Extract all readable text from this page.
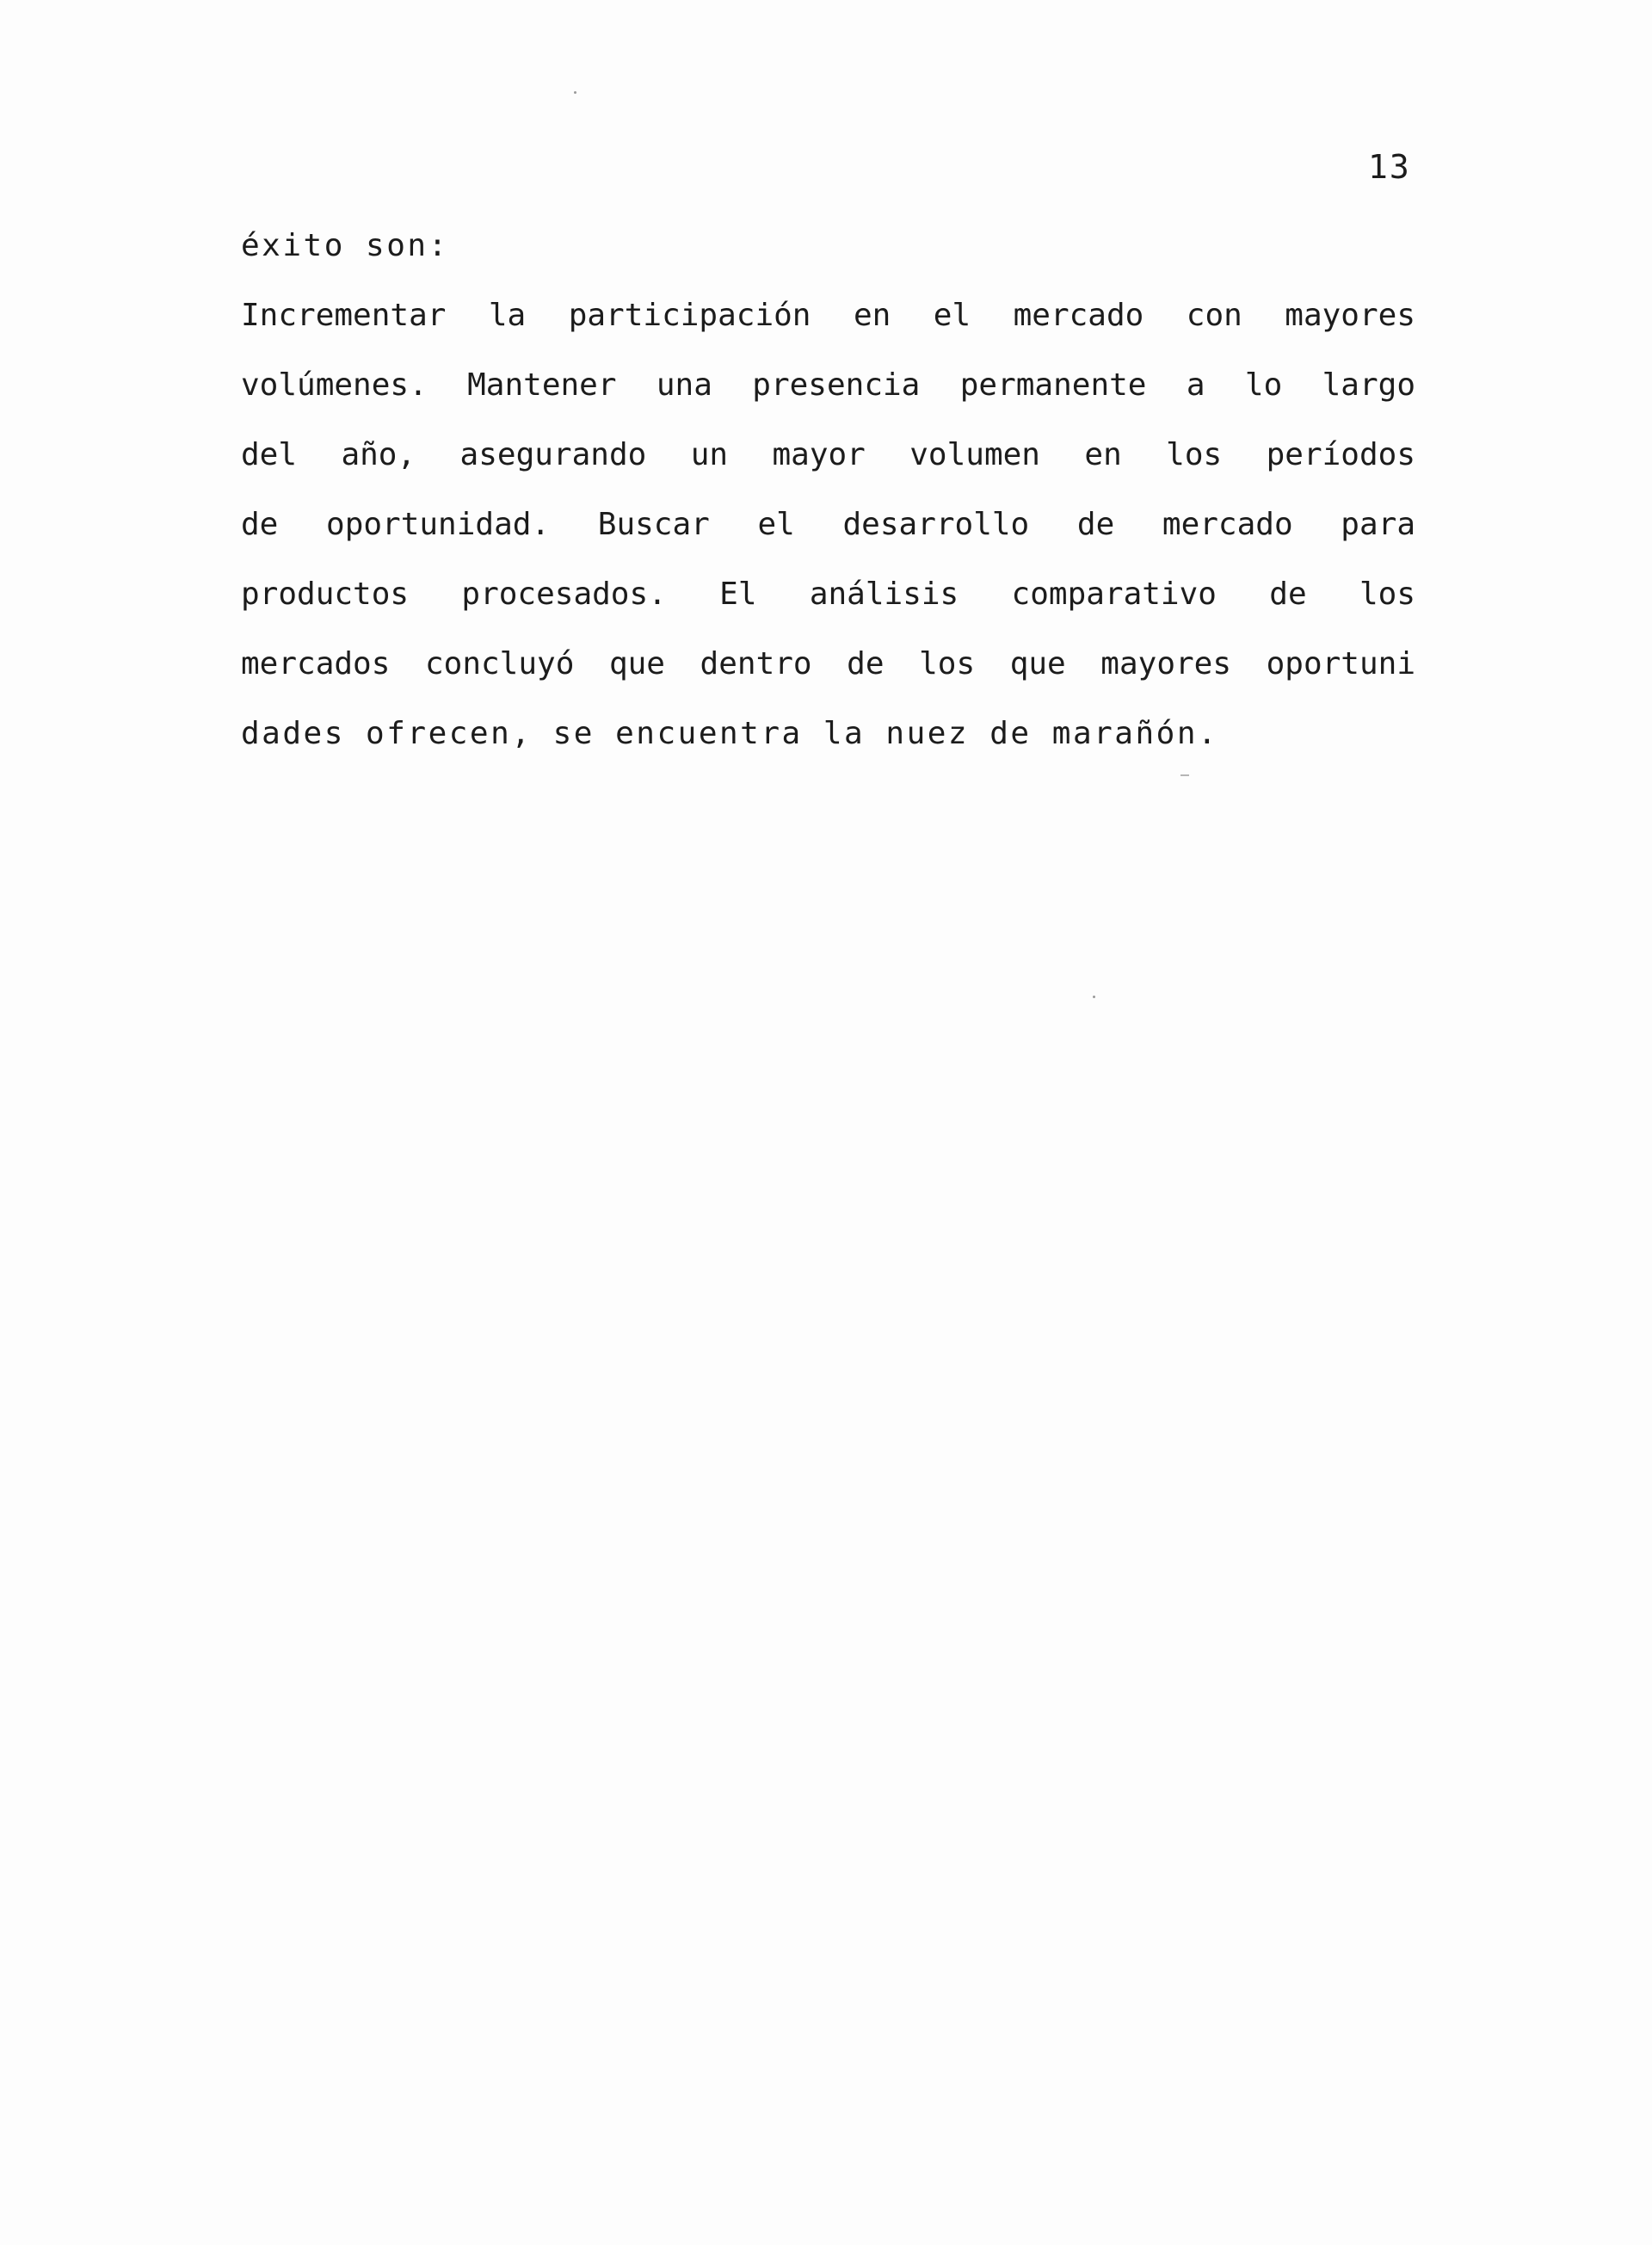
13
éxito son:
Incrementar la participación en el mercado con mayores
volúmenes. Mantener una presencia permanente a lo largo
del año, asegurando un mayor volumen en los períodos
de oportunidad. Buscar el desarrollo de mercado para
productos procesados. El análisis comparativo de los
mercados concluyó que dentro de los que mayores oportuni
dades ofrecen, se encuentra la nuez de marañón.
